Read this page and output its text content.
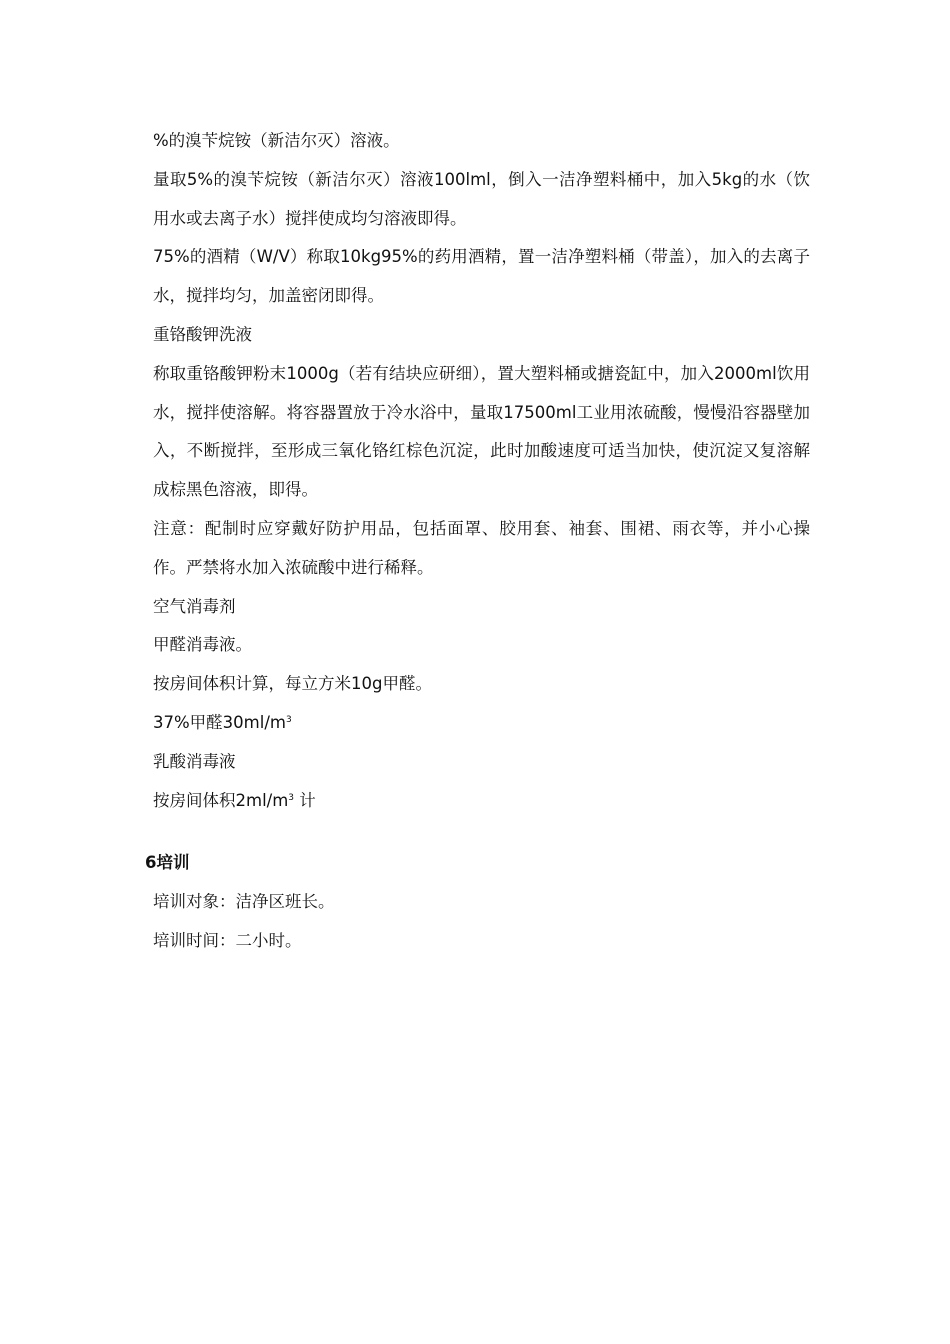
%的溴苄烷铵（新洁尔灭）溶液。

量取5%的溴苄烷铵（新洁尔灭）溶液100lml，倒入一洁净塑料桶中，加入5kg的水（饮用水或去离子水）搅拌使成均匀溶液即得。

75%的酒精（W/V）称取10kg95%的药用酒精，置一洁净塑料桶（带盖），加入的去离子水，搅拌均匀，加盖密闭即得。

重铬酸钾洗液

称取重铬酸钾粉末1000g（若有结块应研细），置大塑料桶或搪瓷缸中，加入2000ml饮用水，搅拌使溶解。将容器置放于冷水浴中，量取17500ml工业用浓硫酸，慢慢沿容器壁加入，不断搅拌，至形成三氧化铬红棕色沉淀，此时加酸速度可适当加快，使沉淀又复溶解成棕黑色溶液，即得。

注意：配制时应穿戴好防护用品，包括面罩、胶用套、袖套、围裙、雨衣等，并小心操作。严禁将水加入浓硫酸中进行稀释。

空气消毒剂

甲醛消毒液。

按房间体积计算，每立方米10g甲醛。

37%甲醛$30ml/m^3$

乳酸消毒液

按房间体积$2ml/m^3$ 计

6培训

培训对象：洁净区班长。

培训时间：二小时。
